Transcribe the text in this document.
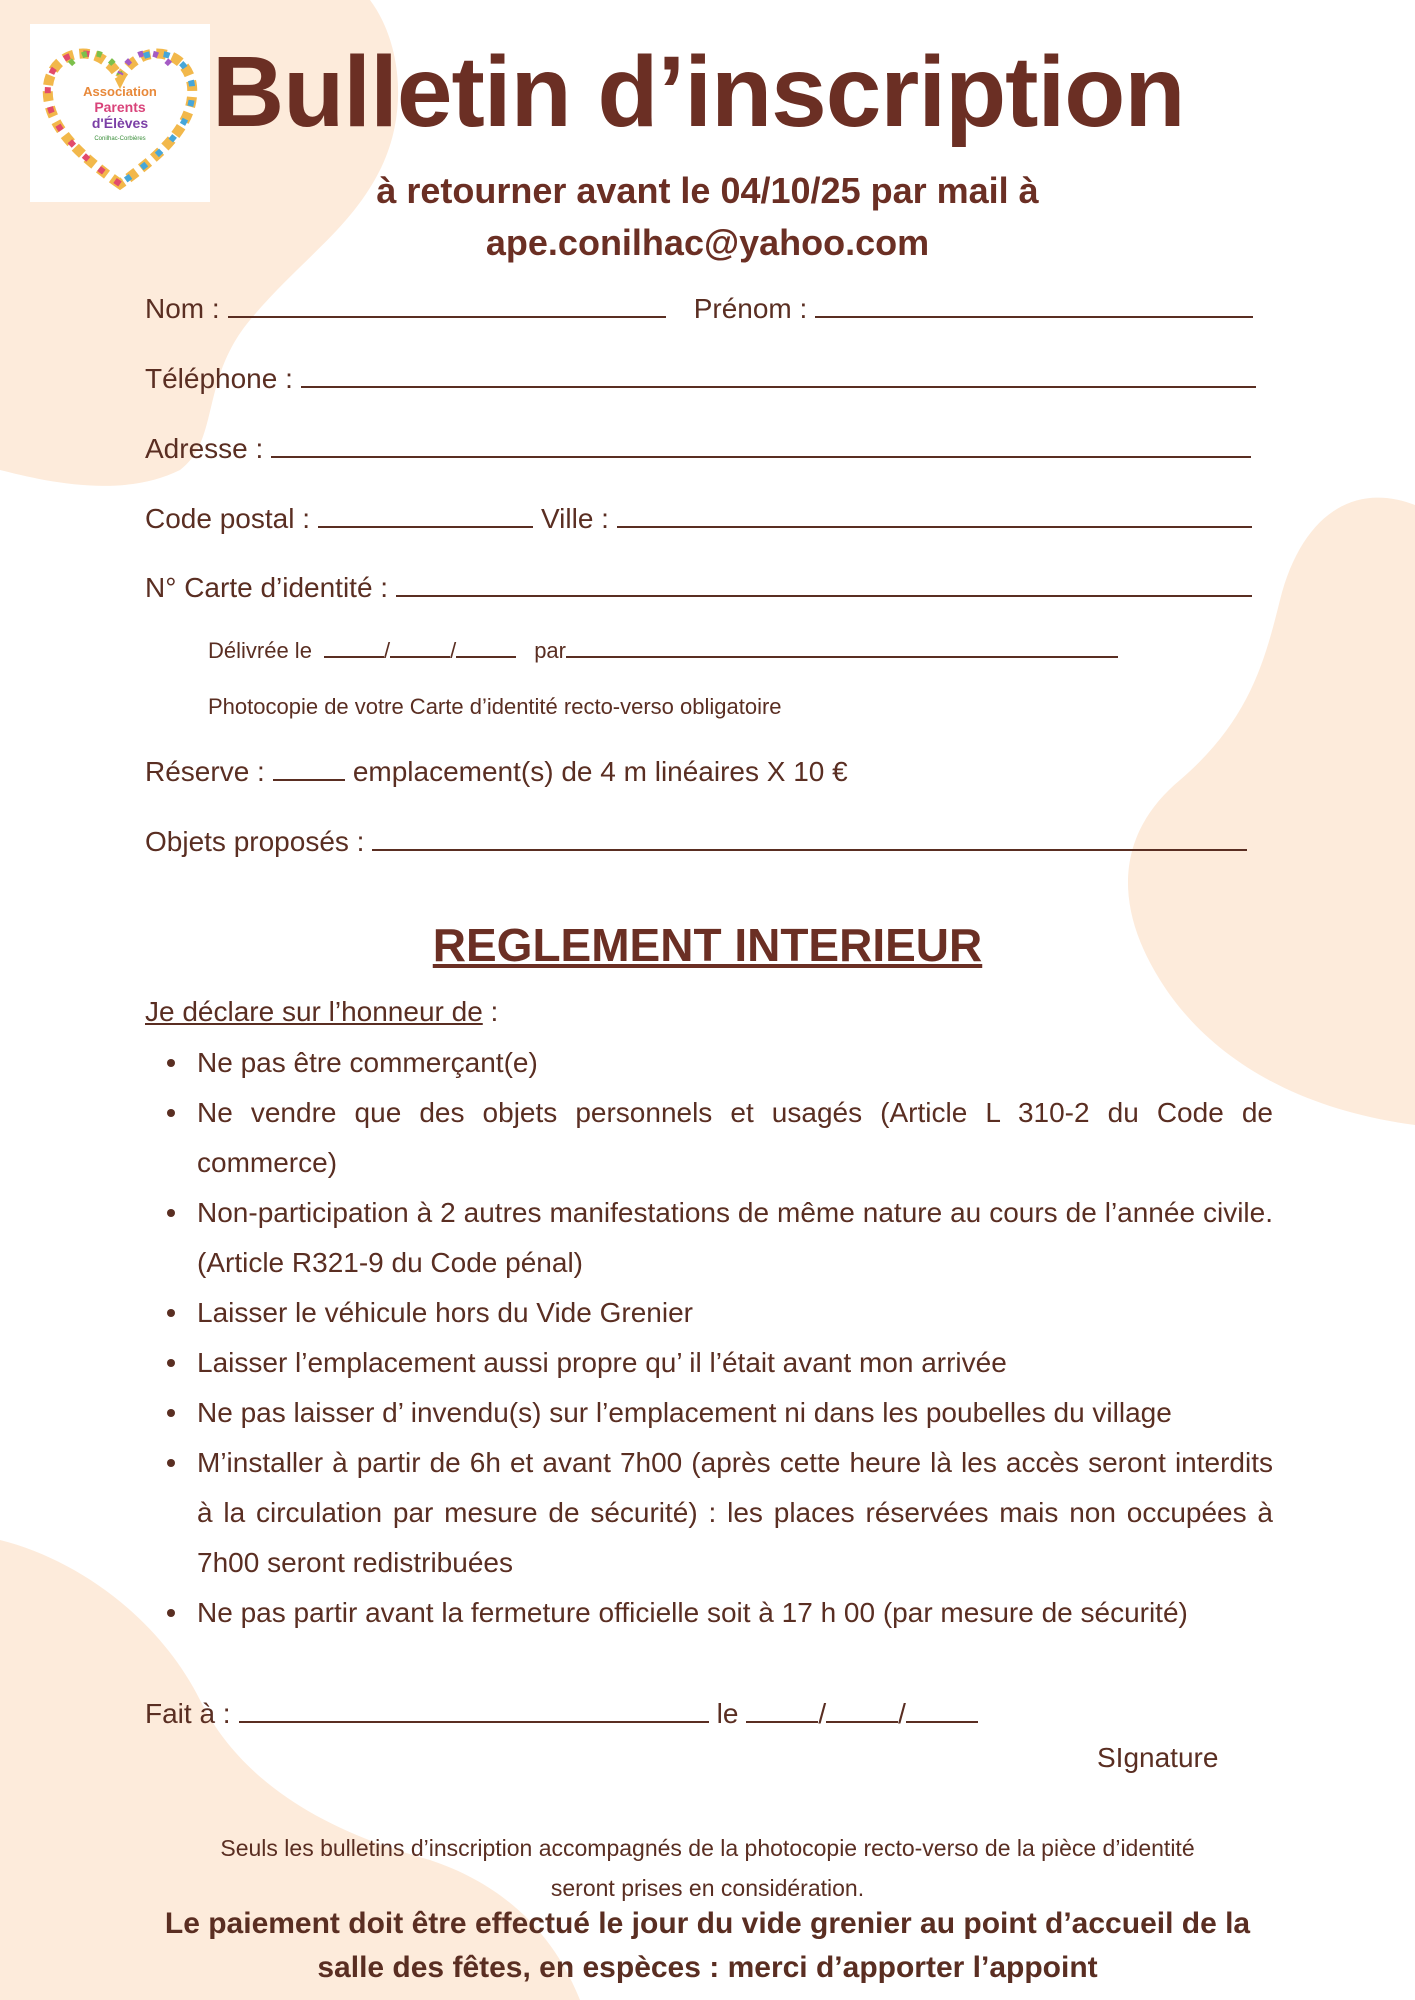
Association
Parents
d'Élèves
Conilhac-Corbières Bulletin d’inscription
à retourner avant le 04/10/25 par mail à
ape.conilhac@yahoo.com
Nom :	Prénom :
Téléphone :
Adresse :
Code postal :	Ville :
N° Carte d’identité :
Délivrée le	/	/	par
Photocopie de votre Carte d’identité recto-verso obligatoire
Réserve :	emplacement(s) de 4 m linéaires X 10 €
Objets proposés :
REGLEMENT INTERIEUR
Je déclare sur l’honneur de :
Ne pas être commerçant(e)
Ne vendre que des objets personnels et usagés (Article L 310-2 du Code de commerce)
Non-participation à 2 autres manifestations de même nature au cours de l’année civile. (Article R321-9 du Code pénal)
Laisser le véhicule hors du Vide Grenier
Laisser l’emplacement aussi propre qu’ il l’était avant mon arrivée
Ne pas laisser d’ invendu(s) sur l’emplacement ni dans les poubelles du village
M’installer à partir de 6h et avant 7h00 (après cette heure là les accès seront interdits à la circulation par mesure de sécurité) : les places réservées mais non occupées à 7h00 seront redistribuées
Ne pas partir avant la fermeture officielle soit à 17 h 00 (par mesure de sécurité)
Fait à :	le	/	/
SIgnature
Seuls les bulletins d’inscription accompagnés de la photocopie recto-verso de la pièce d’identité
seront prises en considération.
Le paiement doit être effectué le jour du vide grenier au point d’accueil de la
salle des fêtes, en espèces : merci d’apporter l’appoint
